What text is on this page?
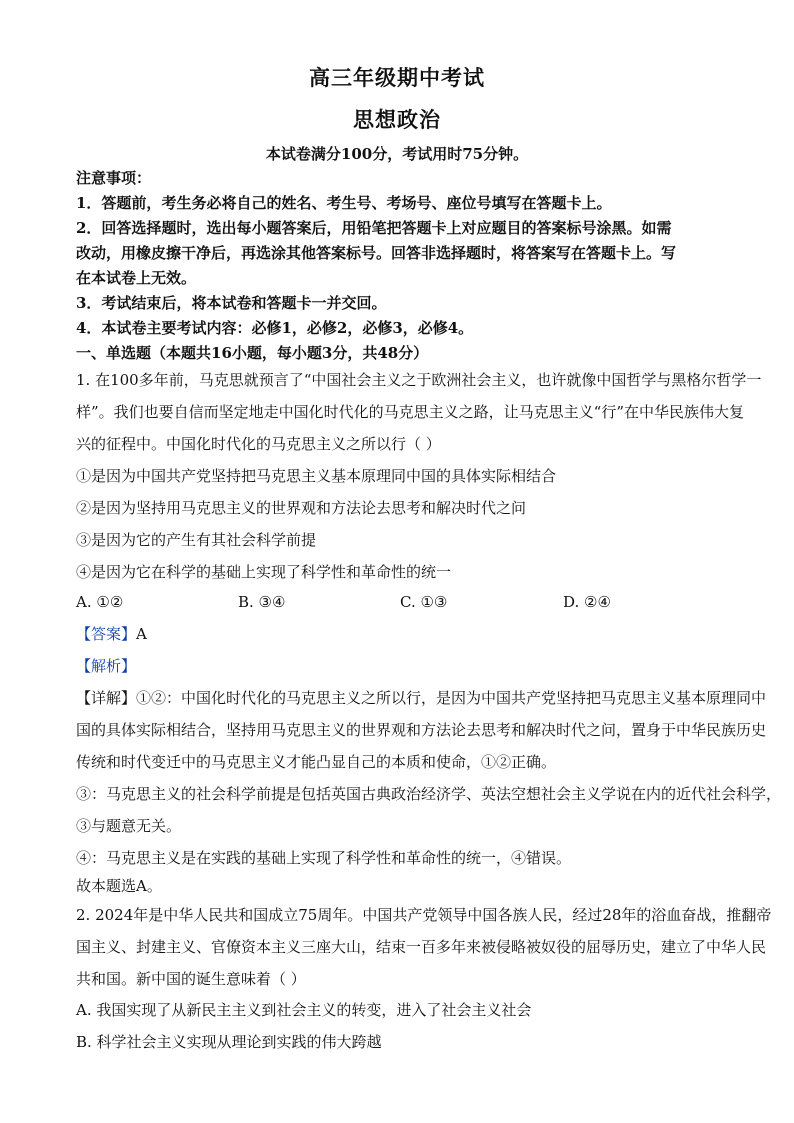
高三年级期中考试
思想政治
本试卷满分100分，考试用时75分钟。
注意事项：
1．答题前，考生务必将自己的姓名、考生号、考场号、座位号填写在答题卡上。
2．回答选择题时，选出每小题答案后，用铅笔把答题卡上对应题目的答案标号涂黑。如需
改动，用橡皮擦干净后，再选涂其他答案标号。回答非选择题时，将答案写在答题卡上。写
在本试卷上无效。
3．考试结束后，将本试卷和答题卡一并交回。
4．本试卷主要考试内容：必修1，必修2，必修3，必修4。
一、单选题（本题共16小题，每小题3分，共48分）
1. 在100多年前，马克思就预言了“中国社会主义之于欧洲社会主义，也许就像中国哲学与黑格尔哲学一
样”。我们也要自信而坚定地走中国化时代化的马克思主义之路，让马克思主义“行”在中华民族伟大复
兴的征程中。中国化时代化的马克思主义之所以行（ ）
①是因为中国共产党坚持把马克思主义基本原理同中国的具体实际相结合
②是因为坚持用马克思主义的世界观和方法论去思考和解决时代之问
③是因为它的产生有其社会科学前提
④是因为它在科学的基础上实现了科学性和革命性的统一
A. ①②	B. ③④	C. ①③	D. ②④
【答案】A
【解析】
【详解】①②：中国化时代化的马克思主义之所以行，是因为中国共产党坚持把马克思主义基本原理同中
国的具体实际相结合，坚持用马克思主义的世界观和方法论去思考和解决时代之问，置身于中华民族历史
传统和时代变迁中的马克思主义才能凸显自己的本质和使命，①②正确。
③：马克思主义的社会科学前提是包括英国古典政治经济学、英法空想社会主义学说在内的近代社会科学，
③与题意无关。
④：马克思主义是在实践的基础上实现了科学性和革命性的统一，④错误。
故本题选A。
2. 2024年是中华人民共和国成立75周年。中国共产党领导中国各族人民，经过28年的浴血奋战，推翻帝
国主义、封建主义、官僚资本主义三座大山，结束一百多年来被侵略被奴役的屈辱历史，建立了中华人民
共和国。新中国的诞生意味着（ ）
A. 我国实现了从新民主主义到社会主义的转变，进入了社会主义社会
B. 科学社会主义实现从理论到实践的伟大跨越
